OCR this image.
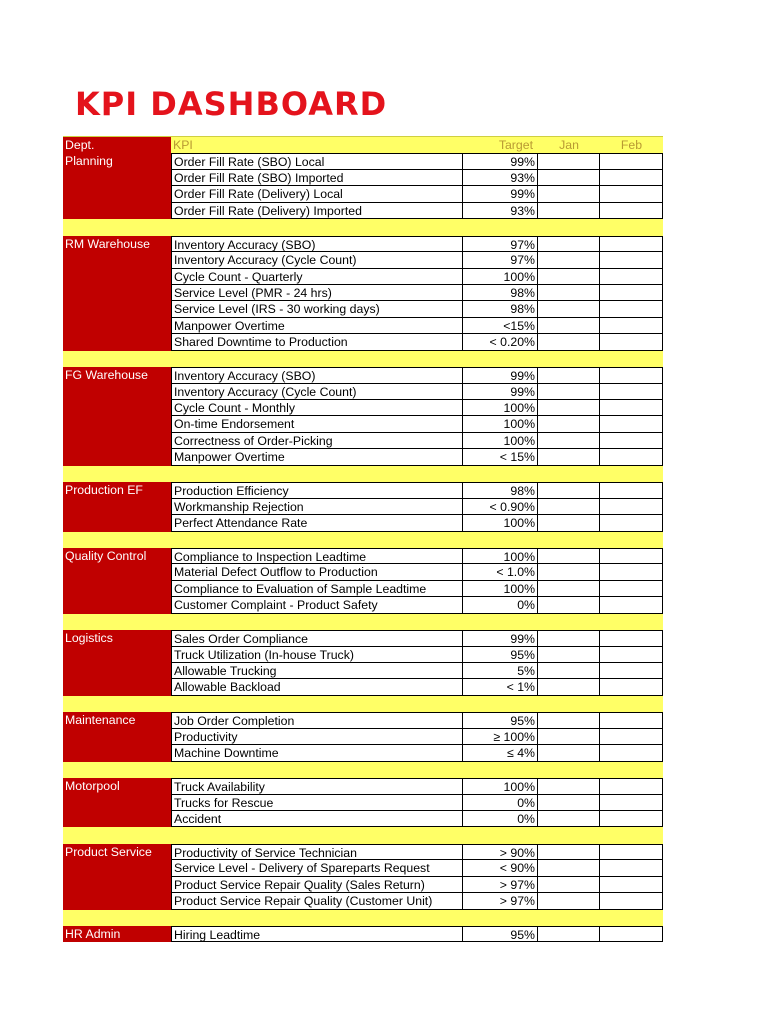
KPI DASHBOARD
Dept.	KPI	Target	Jan	Feb
Planning	Order Fill Rate (SBO) Local	99%
Order Fill Rate (SBO) Imported	93%
Order Fill Rate (Delivery) Local	99%
Order Fill Rate (Delivery) Imported	93%
RM Warehouse	Inventory Accuracy (SBO)	97%
Inventory Accuracy (Cycle Count)	97%
Cycle Count - Quarterly	100%
Service Level (PMR - 24 hrs)	98%
Service Level (IRS - 30 working days)	98%
Manpower Overtime	<15%
Shared Downtime to Production	< 0.20%
FG Warehouse	Inventory Accuracy (SBO)	99%
Inventory Accuracy (Cycle Count)	99%
Cycle Count - Monthly	100%
On-time Endorsement	100%
Correctness of Order-Picking	100%
Manpower Overtime	< 15%
Production EF	Production Efficiency	98%
Workmanship Rejection	< 0.90%
Perfect Attendance Rate	100%
Quality Control	Compliance to Inspection Leadtime	100%
Material Defect Outflow to Production	< 1.0%
Compliance to Evaluation of Sample Leadtime	100%
Customer Complaint - Product Safety	0%
Logistics	Sales Order Compliance	99%
Truck Utilization (In-house Truck)	95%
Allowable Trucking	5%
Allowable Backload	< 1%
Maintenance	Job Order Completion	95%
Productivity	≥ 100%
Machine Downtime	≤ 4%
Motorpool	Truck Availability	100%
Trucks for Rescue	0%
Accident	0%
Product Service	Productivity of Service Technician	> 90%
Service Level - Delivery of Spareparts Request	< 90%
Product Service Repair Quality (Sales Return)	> 97%
Product Service Repair Quality (Customer Unit)	> 97%
HR Admin	Hiring Leadtime	95%
